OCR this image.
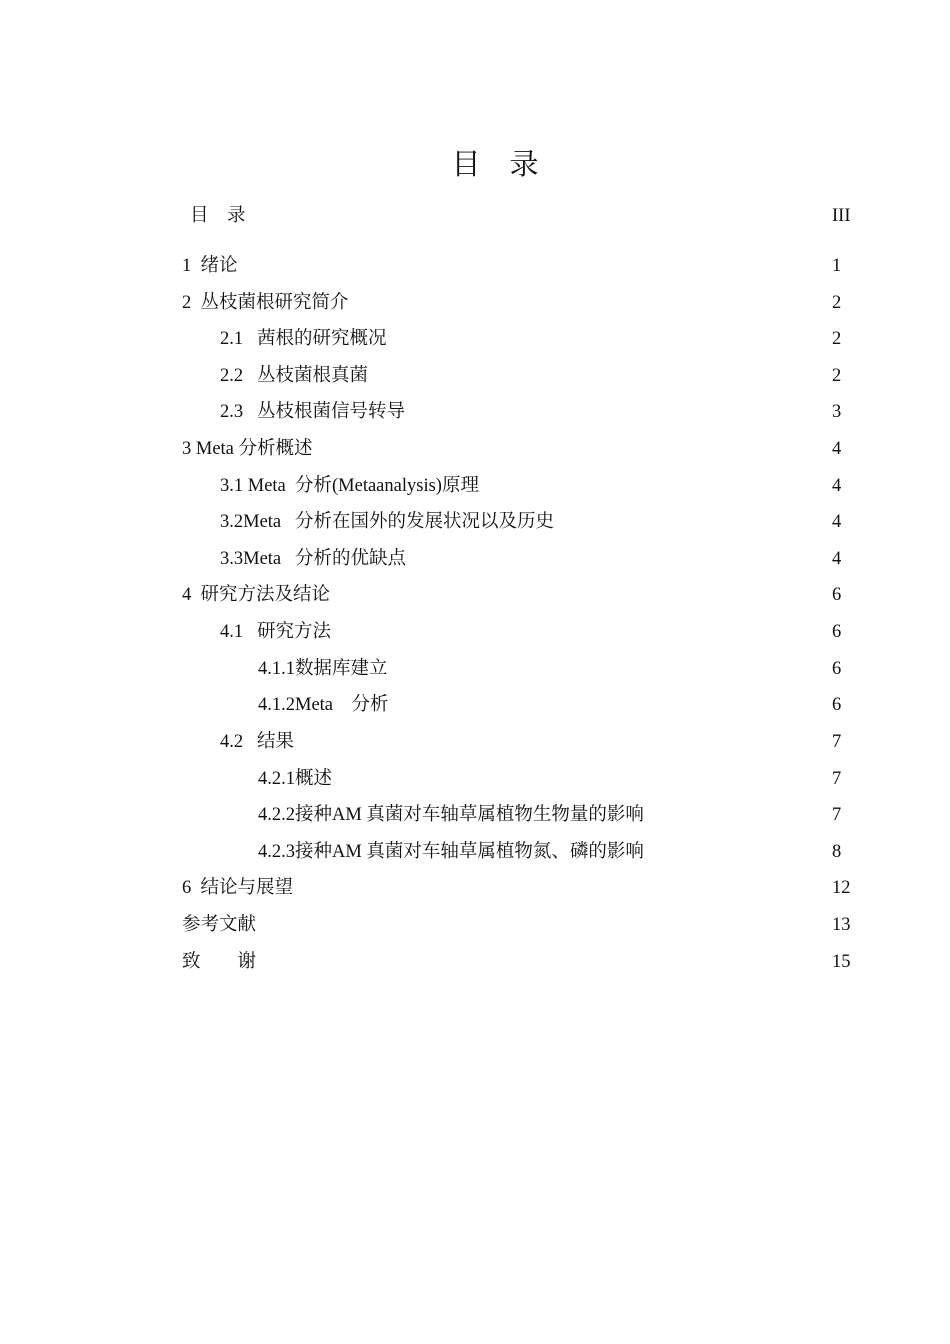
目　录
目　录	III
1  绪论	1
2  丛枝菌根研究简介	2
2.1   茜根的研究概况	2
2.2   丛枝菌根真菌	2
2.3   丛枝根菌信号转导	3
3 Meta 分析概述	4
3.1 Meta  分析(Metaanalysis)原理	4
3.2Meta   分析在国外的发展状况以及历史	4
3.3Meta   分析的优缺点	4
4  研究方法及结论	6
4.1   研究方法	6
4.1.1数据库建立	6
4.1.2Meta    分析	6
4.2   结果	7
4.2.1概述	7
4.2.2接种AM 真菌对车轴草属植物生物量的影响	7
4.2.3接种AM 真菌对车轴草属植物氮、磷的影响	8
6  结论与展望	12
参考文献	13
致　　谢	15
